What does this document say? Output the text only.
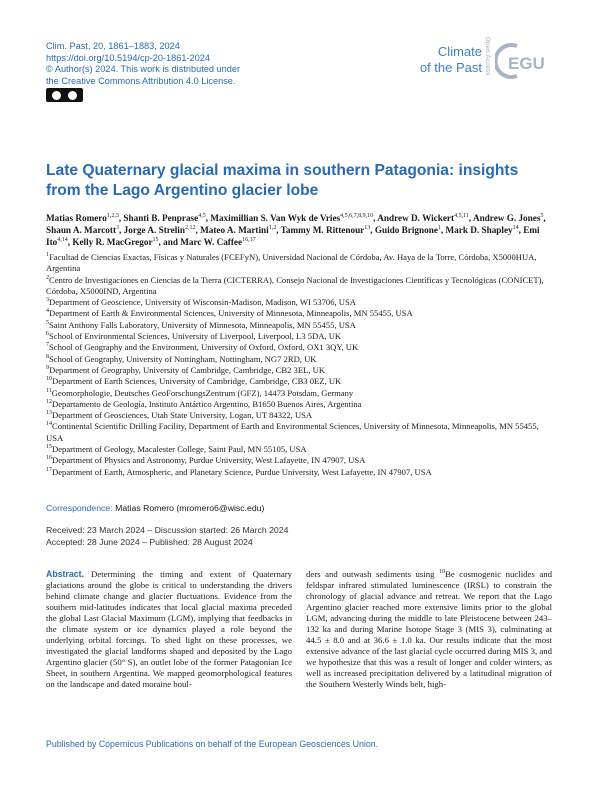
Clim. Past, 20, 1861–1883, 2024
https://doi.org/10.5194/cp-20-1861-2024
© Author(s) 2024. This work is distributed under
the Creative Commons Attribution 4.0 License.
Climate
of the Past Open Access EGU
Late Quaternary glacial maxima in southern Patagonia: insights from the Lago Argentino glacier lobe

Matias Romero$^{1,2,3}$, Shanti B. Penprase$^{4,5}$, Maximillian S. Van Wyk de Vries$^{4,5,6,7,8,9,10}$, Andrew D. Wickert$^{4,5,11}$, Andrew G. Jones$^5$, Shaun A. Marcott$^3$, Jorge A. Strelin$^{2,12}$, Mateo A. Martini$^{1,2}$, Tammy M. Rittenour$^{13}$, Guido Brignone$^1$, Mark D. Shapley$^{14}$, Emi Ito$^{4,14}$, Kelly R. MacGregor$^{15}$, and Marc W. Caffee$^{16,17}$

$^1$Facultad de Ciencias Exactas, Físicas y Naturales (FCEFyN), Universidad Nacional de Córdoba, Av. Haya de la Torre, Córdoba, X5000HUA, Argentina
$^2$Centro de Investigaciones en Ciencias de la Tierra (CICTERRA), Consejo Nacional de Investigaciones Científicas y Tecnológicas (CONICET), Córdoba, X5000IND, Argentina
$^3$Department of Geoscience, University of Wisconsin-Madison, Madison, WI 53706, USA
$^4$Department of Earth & Environmental Sciences, University of Minnesota, Minneapolis, MN 55455, USA
$^5$Saint Anthony Falls Laboratory, University of Minnesota, Minneapolis, MN 55455, USA
$^6$School of Environmental Sciences, University of Liverpool, Liverpool, L3 5DA, UK
$^7$School of Geography and the Environment, University of Oxford, Oxford, OX1 3QY, UK
$^8$School of Geography, University of Nottingham, Nottingham, NG7 2RD, UK
$^9$Department of Geography, University of Cambridge, Cambridge, CB2 3EL, UK
$^{10}$Department of Earth Sciences, University of Cambridge, Cambridge, CB3 0EZ, UK
$^{11}$Geomorphologie, Deutsches GeoForschungsZentrum (GFZ), 14473 Potsdam, Germany
$^{12}$Departamento de Geología, Instituto Antártico Argentino, B1650 Buenos Aires, Argentina
$^{13}$Department of Geosciences, Utah State University, Logan, UT 84322, USA
$^{14}$Continental Scientific Drilling Facility, Department of Earth and Environmental Sciences, University of Minnesota, Minneapolis, MN 55455, USA
$^{15}$Department of Geology, Macalester College, Saint Paul, MN 55105, USA
$^{16}$Department of Physics and Astronomy, Purdue University, West Lafayette, IN 47907, USA
$^{17}$Department of Earth, Atmospheric, and Planetary Science, Purdue University, West Lafayette, IN 47907, USA
Correspondence: Matias Romero (mromero6@wisc.edu)
Received: 23 March 2024 – Discussion started: 26 March 2024
Accepted: 28 June 2024 – Published: 28 August 2024

Abstract. Determining the timing and extent of Quaternary glaciations around the globe is critical to understanding the drivers behind climate change and glacier fluctuations. Evidence from the southern mid-latitudes indicates that local glacial maxima preceded the global Last Glacial Maximum (LGM), implying that feedbacks in the climate system or ice dynamics played a role beyond the underlying orbital forcings. To shed light on these processes, we investigated the glacial landforms shaped and deposited by the Lago Argentino glacier (50° S), an outlet lobe of the former Patagonian Ice Sheet, in southern Argentina. We mapped geomorphological features on the landscape and dated moraine boul-

ders and outwash sediments using $^{10}$Be cosmogenic nuclides and feldspar infrared stimulated luminescence (IRSL) to constrain the chronology of glacial advance and retreat. We report that the Lago Argentino glacier reached more extensive limits prior to the global LGM, advancing during the middle to late Pleistocene between 243–132 ka and during Marine Isotope Stage 3 (MIS 3), culminating at 44.5 ± 8.0 and at 36.6 ± 1.0 ka. Our results indicate that the most extensive advance of the last glacial cycle occurred during MIS 3, and we hypothesize that this was a result of longer and colder winters, as well as increased precipitation delivered by a latitudinal migration of the Southern Westerly Winds belt, high-

Published by Copernicus Publications on behalf of the European Geosciences Union.
